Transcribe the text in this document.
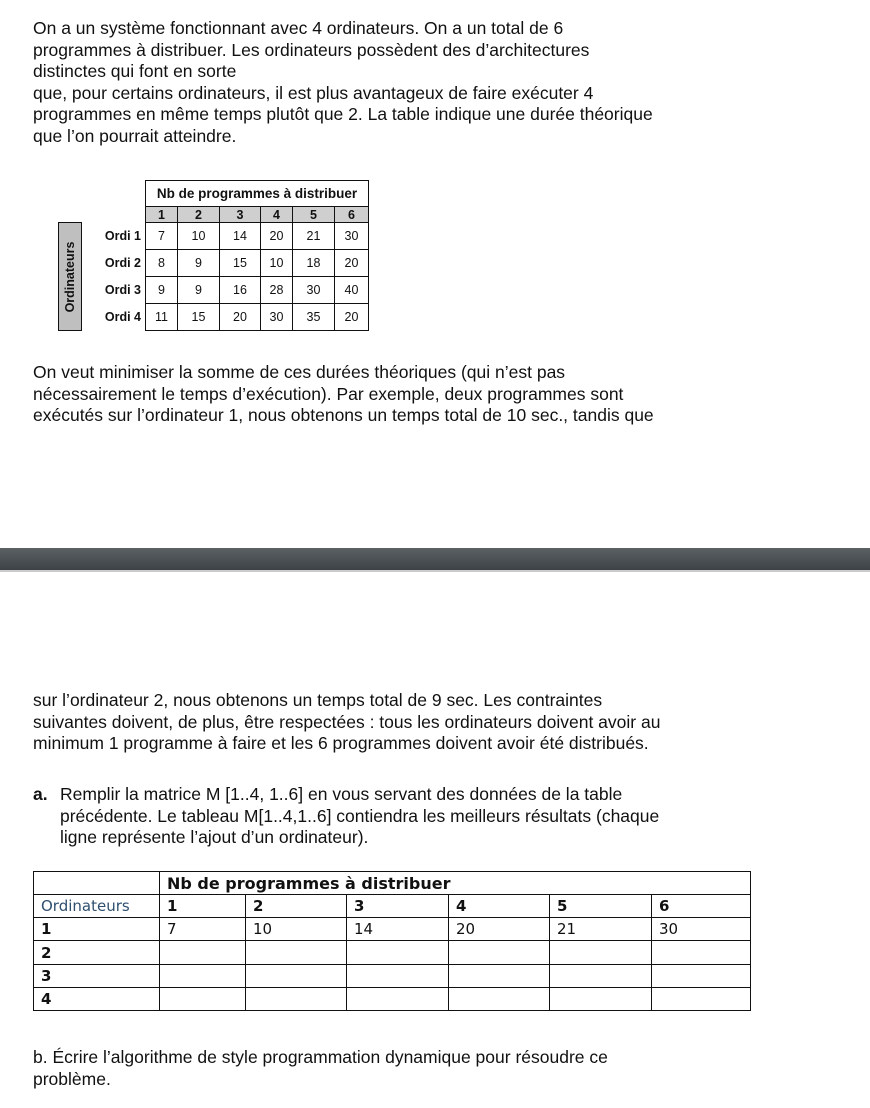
On a un système fonctionnant avec 4 ordinateurs. On a un total de 6
programmes à distribuer. Les ordinateurs possèdent des d’architectures
distinctes qui font en sorte
que, pour certains ordinateurs, il est plus avantageux de faire exécuter 4
programmes en même temps plutôt que 2. La table indique une durée théorique
que l’on pourrait atteindre.
		Nb de programmes à distribuer					
		1	2	3	4	5	6

Ordinateurs	Ordi 1	7	10	14	20	21	30
	Ordi 2	8	9	15	10	18	20
	Ordi 3	9	9	16	28	30	40
	Ordi 4	11	15	20	30	35	20
On veut minimiser la somme de ces durées théoriques (qui n’est pas
nécessairement le temps d’exécution). Par exemple, deux programmes sont
exécutés sur l’ordinateur 1, nous obtenons un temps total de 10 sec., tandis que
sur l’ordinateur 2, nous obtenons un temps total de 9 sec. Les contraintes
suivantes doivent, de plus, être respectées : tous les ordinateurs doivent avoir au
minimum 1 programme à faire et les 6 programmes doivent avoir été distribués.
a. Remplir la matrice M [1..4, 1..6] en vous servant des données de la table
précédente. Le tableau M[1..4,1..6] contiendra les meilleurs résultats (chaque
ligne représente l’ajout d’un ordinateur).
	Nb de programmes à distribuer					
Ordinateurs	1	2	3	4	5	6
1	7	10	14	20	21	30
2						
3						
4						
b. Écrire l’algorithme de style programmation dynamique pour résoudre ce
problème.
